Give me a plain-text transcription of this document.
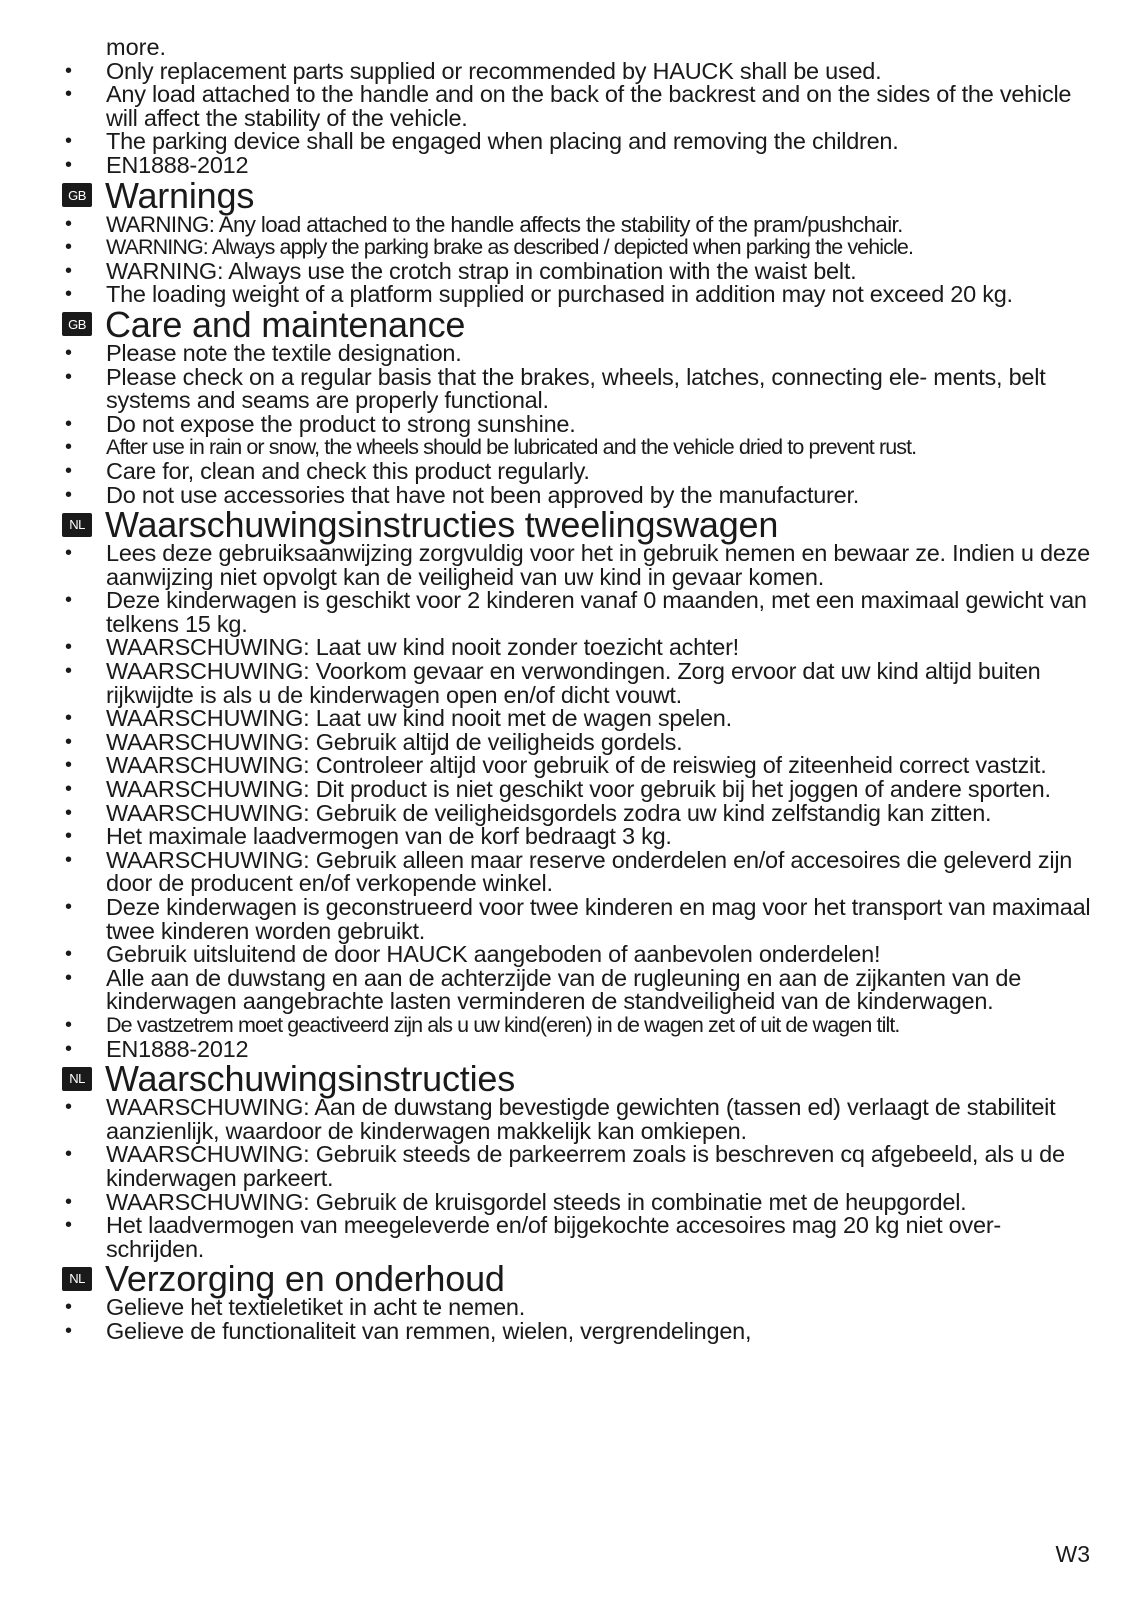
more.
• Only replacement parts supplied or recommended by HAUCK shall be used.
• Any load attached to the handle and on the back of the backrest and on the sides of the vehicle will affect the stability of the vehicle.
• The parking device shall be engaged when placing and removing the children.
• EN1888-2012
GB Warnings
• WARNING: Any load attached to the handle affects the stability of the pram/pushchair.
• WARNING: Always apply the parking brake as described / depicted when parking the vehicle.
• WARNING: Always use the crotch strap in combination with the waist belt.
• The loading weight of a platform supplied or purchased in addition may not exceed 20 kg.
GB Care and maintenance
• Please note the textile designation.
• Please check on a regular basis that the brakes, wheels, latches, connecting ele- ments, belt systems and seams are properly functional.
• Do not expose the product to strong sunshine.
• After use in rain or snow, the wheels should be lubricated and the vehicle dried to prevent rust.
• Care for, clean and check this product regularly.
• Do not use accessories that have not been approved by the manufacturer.
NL Waarschuwingsinstructies tweelingswagen
• Lees deze gebruiksaanwijzing zorgvuldig voor het in gebruik nemen en bewaar ze. Indien u deze aanwijzing niet opvolgt kan de veiligheid van uw kind in gevaar komen.
• Deze kinderwagen is geschikt voor 2 kinderen vanaf 0 maanden, met een maximaal gewicht van telkens 15 kg.
• WAARSCHUWING: Laat uw kind nooit zonder toezicht achter!
• WAARSCHUWING: Voorkom gevaar en verwondingen. Zorg ervoor dat uw kind altijd buiten rijkwijdte is als u de kinderwagen open en/of dicht vouwt.
• WAARSCHUWING: Laat uw kind nooit met de wagen spelen.
• WAARSCHUWING: Gebruik altijd de veiligheids gordels.
• WAARSCHUWING: Controleer altijd voor gebruik of de reiswieg of ziteenheid correct vastzit.
• WAARSCHUWING: Dit product is niet geschikt voor gebruik bij het joggen of andere sporten.
• WAARSCHUWING: Gebruik de veiligheidsgordels zodra uw kind zelfstandig kan zitten.
• Het maximale laadvermogen van de korf bedraagt 3 kg.
• WAARSCHUWING: Gebruik alleen maar reserve onderdelen en/of accesoires die geleverd zijn door de producent en/of verkopende winkel.
• Deze kinderwagen is geconstrueerd voor twee kinderen en mag voor het transport van maximaal twee kinderen worden gebruikt.
• Gebruik uitsluitend de door HAUCK aangeboden of aanbevolen onderdelen!
• Alle aan de duwstang en aan de achterzijde van de rugleuning en aan de zijkanten van de kinderwagen aangebrachte lasten verminderen de standveiligheid van de kinderwagen.
• De vastzetrem moet geactiveerd zijn als u uw kind(eren) in de wagen zet of uit de wagen tilt.
• EN1888-2012
NL Waarschuwingsinstructies
• WAARSCHUWING: Aan de duwstang bevestigde gewichten (tassen ed) verlaagt de stabiliteit aanzienlijk, waardoor de kinderwagen makkelijk kan omkiepen.
• WAARSCHUWING: Gebruik steeds de parkeerrem zoals is beschreven cq afgebeeld, als u de kinderwagen parkeert.
• WAARSCHUWING: Gebruik de kruisgordel steeds in combinatie met de heupgordel.
• Het laadvermogen van meegeleverde en/of bijgekochte accesoires mag 20 kg niet over- schrijden.
NL Verzorging en onderhoud
• Gelieve het textieletiket in acht te nemen.
• Gelieve de functionaliteit van remmen, wielen, vergrendelingen,
W3
